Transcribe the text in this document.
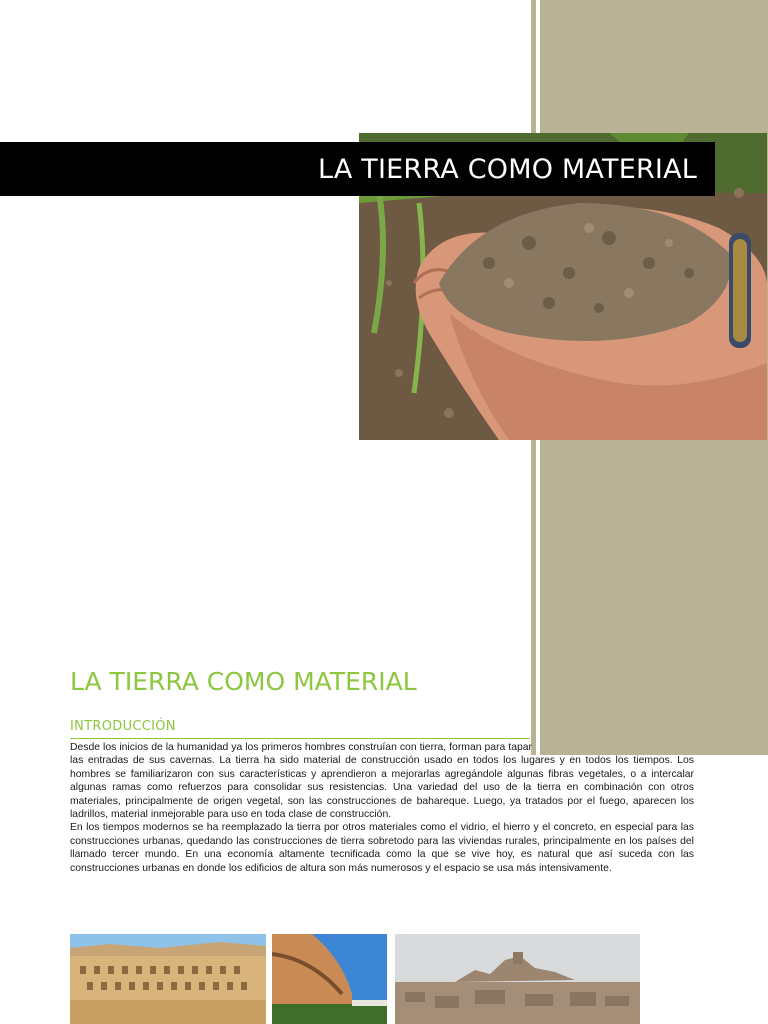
LA TIERRA COMO MATERIAL
LA TIERRA COMO MATERIAL
INTRODUCCIÓN

Desde los inicios de la humanidad ya los primeros hombres construían con tierra, forman para tapar las entradas de sus cavernas. La tierra ha sido material de construcción usado en todos los lugares y en todos los tiempos. Los hombres se familiarizaron con sus características y aprendieron a mejorarlas agregándole algunas fibras vegetales, o a intercalar algunas ramas como refuerzos para consolidar sus resistencias. Una variedad del uso de la tierra en combinación con otros materiales, principalmente de origen vegetal, son las construcciones de bahareque. Luego, ya tratados por el fuego, aparecen los ladrillos, material inmejorable para uso en toda clase de construcción.

En los tiempos modernos se ha reemplazado la tierra por otros materiales como el vidrio, el hierro y el concreto, en especial para las construcciones urbanas, quedando las construcciones de tierra sobretodo para las viviendas rurales, principalmente en los países del llamado tercer mundo. En una economía altamente tecnificada como la que se vive hoy, es natural que así suceda con las construcciones urbanas en donde los edificios de altura son más numerosos y el espacio se usa más intensivamente.
